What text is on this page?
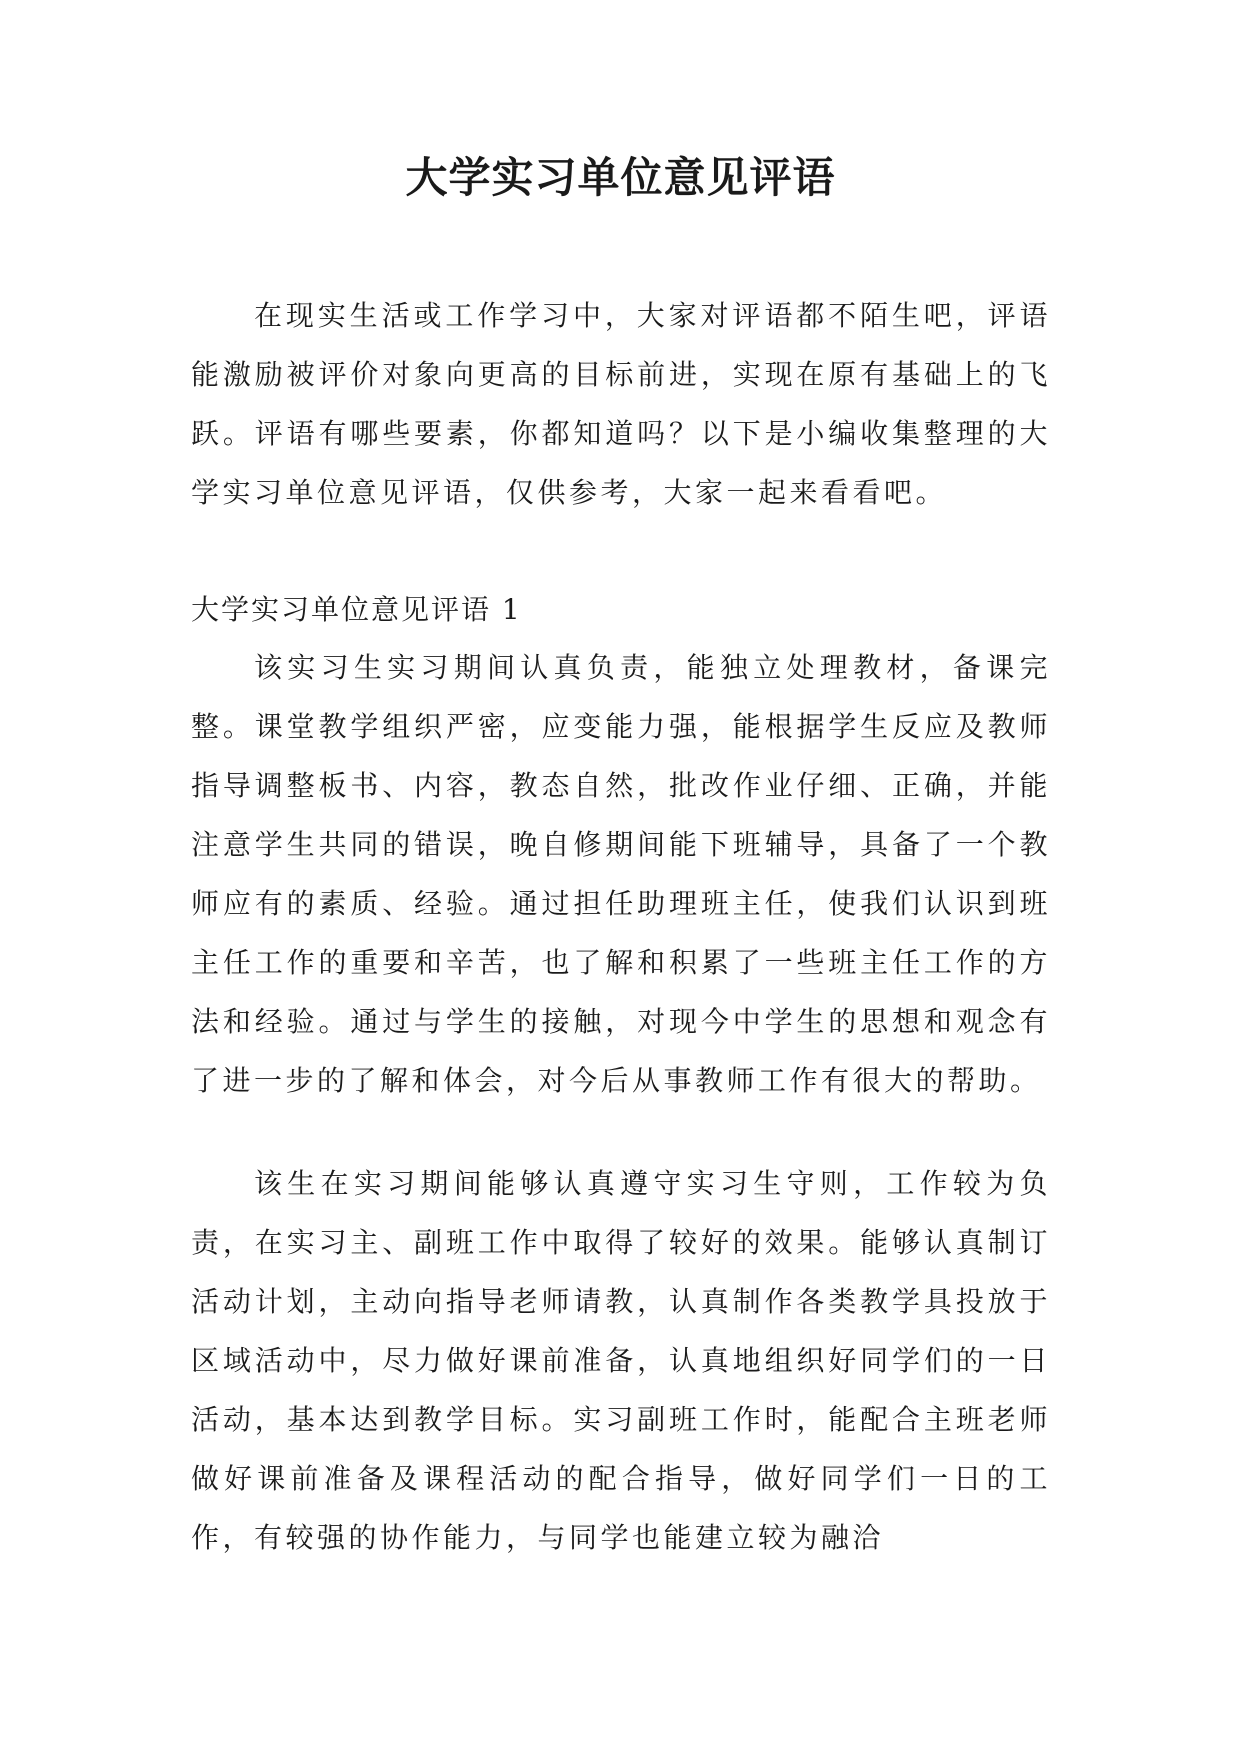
大学实习单位意见评语

在现实生活或工作学习中，大家对评语都不陌生吧，评语能激励被评价对象向更高的目标前进，实现在原有基础上的飞跃。评语有哪些要素，你都知道吗？以下是小编收集整理的大学实习单位意见评语，仅供参考，大家一起来看看吧。

大学实习单位意见评语 1

该实习生实习期间认真负责，能独立处理教材，备课完整。课堂教学组织严密，应变能力强，能根据学生反应及教师指导调整板书、内容，教态自然，批改作业仔细、正确，并能注意学生共同的错误，晚自修期间能下班辅导，具备了一个教师应有的素质、经验。通过担任助理班主任，使我们认识到班主任工作的重要和辛苦，也了解和积累了一些班主任工作的方法和经验。通过与学生的接触，对现今中学生的思想和观念有了进一步的了解和体会，对今后从事教师工作有很大的帮助。

该生在实习期间能够认真遵守实习生守则，工作较为负责，在实习主、副班工作中取得了较好的效果。能够认真制订活动计划，主动向指导老师请教，认真制作各类教学具投放于区域活动中，尽力做好课前准备，认真地组织好同学们的一日活动，基本达到教学目标。实习副班工作时，能配合主班老师做好课前准备及课程活动的配合指导，做好同学们一日的工作，有较强的协作能力，与同学也能建立较为融洽
